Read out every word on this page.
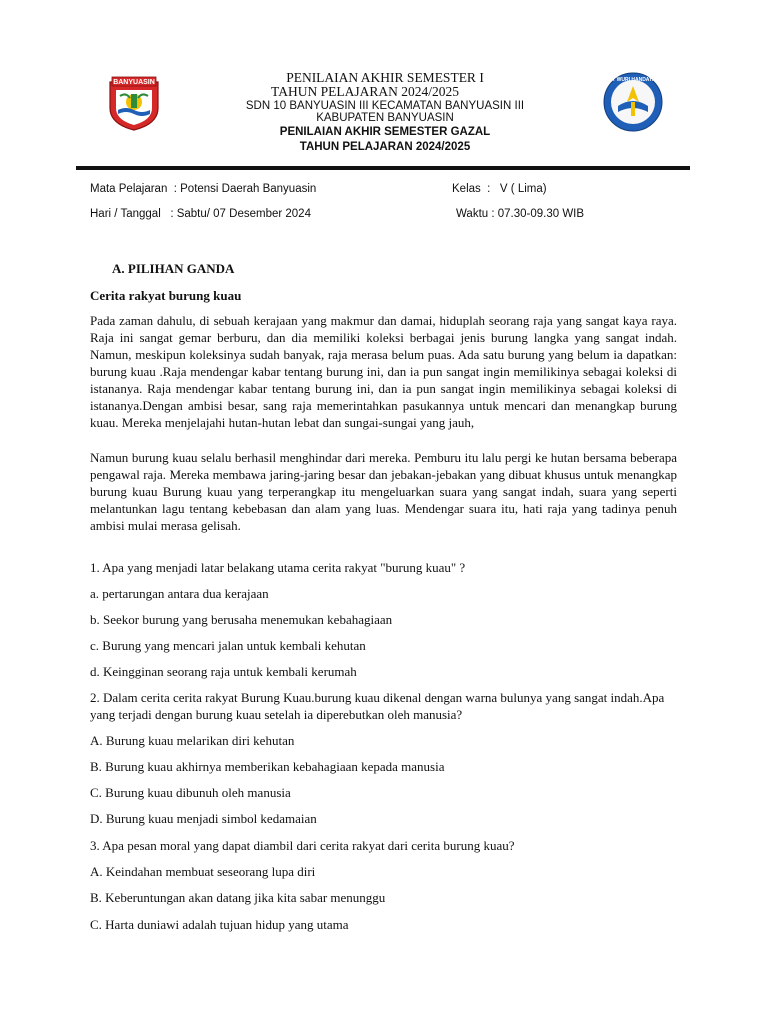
BANYUASIN	TUT WURI HANDAYANI
PENILAIAN AKHIR SEMESTER I
TAHUN PELAJARAN 2024/2025
SDN 10 BANYUASIN III KECAMATAN BANYUASIN III
KABUPATEN BANYUASIN
PENILAIAN AKHIR SEMESTER GAZAL
TAHUN PELAJARAN 2024/2025
Mata Pelajaran  : Potensi Daerah Banyuasin	Kelas  :   V ( Lima)
Hari / Tanggal   : Sabtu/ 07 Desember 2024	Waktu : 07.30-09.30 WIB
A. PILIHAN GANDA
Cerita rakyat burung kuau
Pada zaman dahulu, di sebuah kerajaan yang makmur dan damai, hiduplah seorang raja yang sangat kaya raya. Raja ini sangat gemar berburu, dan dia memiliki koleksi berbagai jenis burung langka yang sangat indah. Namun, meskipun koleksinya sudah banyak, raja merasa belum puas. Ada satu burung yang belum ia dapatkan: burung kuau .Raja mendengar kabar tentang burung ini, dan ia pun sangat ingin memilikinya sebagai koleksi di istananya. Raja mendengar kabar tentang burung ini, dan ia pun sangat ingin memilikinya sebagai koleksi di istananya.Dengan ambisi besar, sang raja memerintahkan pasukannya untuk mencari dan menangkap burung kuau. Mereka menjelajahi hutan-hutan lebat dan sungai-sungai yang jauh,
Namun burung kuau selalu berhasil menghindar dari mereka. Pemburu itu lalu pergi ke hutan bersama beberapa pengawal raja. Mereka membawa jaring-jaring besar dan jebakan-jebakan yang dibuat khusus untuk menangkap burung kuau Burung kuau yang terperangkap itu mengeluarkan suara yang sangat indah, suara yang seperti melantunkan lagu tentang kebebasan dan alam yang luas. Mendengar suara itu, hati raja yang tadinya penuh ambisi mulai merasa gelisah.
1. Apa yang menjadi latar belakang utama cerita rakyat "burung kuau" ?
a. pertarungan antara dua kerajaan
b. Seekor burung yang berusaha menemukan kebahagiaan
c. Burung yang mencari jalan untuk kembali kehutan
d. Keingginan seorang raja untuk kembali kerumah
2. Dalam cerita cerita rakyat Burung Kuau.burung kuau dikenal dengan warna bulunya yang sangat indah.Apa yang terjadi dengan burung kuau setelah ia diperebutkan oleh manusia?
A. Burung kuau melarikan diri kehutan
B. Burung kuau akhirnya memberikan kebahagiaan kepada manusia
C. Burung kuau dibunuh oleh manusia
D. Burung kuau menjadi simbol kedamaian
3. Apa pesan moral yang dapat diambil dari cerita rakyat dari cerita burung kuau?
A. Keindahan membuat seseorang lupa diri
B. Keberuntungan akan datang jika kita sabar menunggu
C. Harta duniawi adalah tujuan hidup yang utama
